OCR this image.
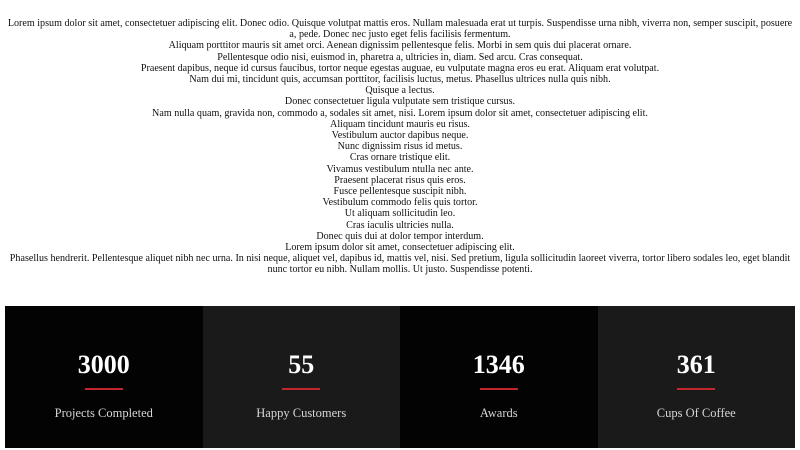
Lorem ipsum dolor sit amet, consectetuer adipiscing elit. Donec odio. Quisque volutpat mattis eros. Nullam malesuada erat ut turpis. Suspendisse urna nibh, viverra non, semper suscipit, posuere a, pede. Donec nec justo eget felis facilisis fermentum.
Aliquam porttitor mauris sit amet orci. Aenean dignissim pellentesque felis. Morbi in sem quis dui placerat ornare.
Pellentesque odio nisi, euismod in, pharetra a, ultricies in, diam. Sed arcu. Cras consequat.
Praesent dapibus, neque id cursus faucibus, tortor neque egestas auguae, eu vulputate magna eros eu erat. Aliquam erat volutpat.
Nam dui mi, tincidunt quis, accumsan porttitor, facilisis luctus, metus. Phasellus ultrices nulla quis nibh.
Quisque a lectus.
Donec consectetuer ligula vulputate sem tristique cursus.
Nam nulla quam, gravida non, commodo a, sodales sit amet, nisi. Lorem ipsum dolor sit amet, consectetuer adipiscing elit.
Aliquam tincidunt mauris eu risus.
Vestibulum auctor dapibus neque.
Nunc dignissim risus id metus.
Cras ornare tristique elit.
Vivamus vestibulum ntulla nec ante.
Praesent placerat risus quis eros.
Fusce pellentesque suscipit nibh.
Vestibulum commodo felis quis tortor.
Ut aliquam sollicitudin leo.
Cras iaculis ultricies nulla.
Donec quis dui at dolor tempor interdum.
Lorem ipsum dolor sit amet, consectetuer adipiscing elit.
Phasellus hendrerit. Pellentesque aliquet nibh nec urna. In nisi neque, aliquet vel, dapibus id, mattis vel, nisi. Sed pretium, ligula sollicitudin laoreet viverra, tortor libero sodales leo, eget blandit nunc tortor eu nibh. Nullam mollis. Ut justo. Suspendisse potenti.
3000
Projects Completed
55
Happy Customers
1346
Awards
361
Cups Of Coffee
